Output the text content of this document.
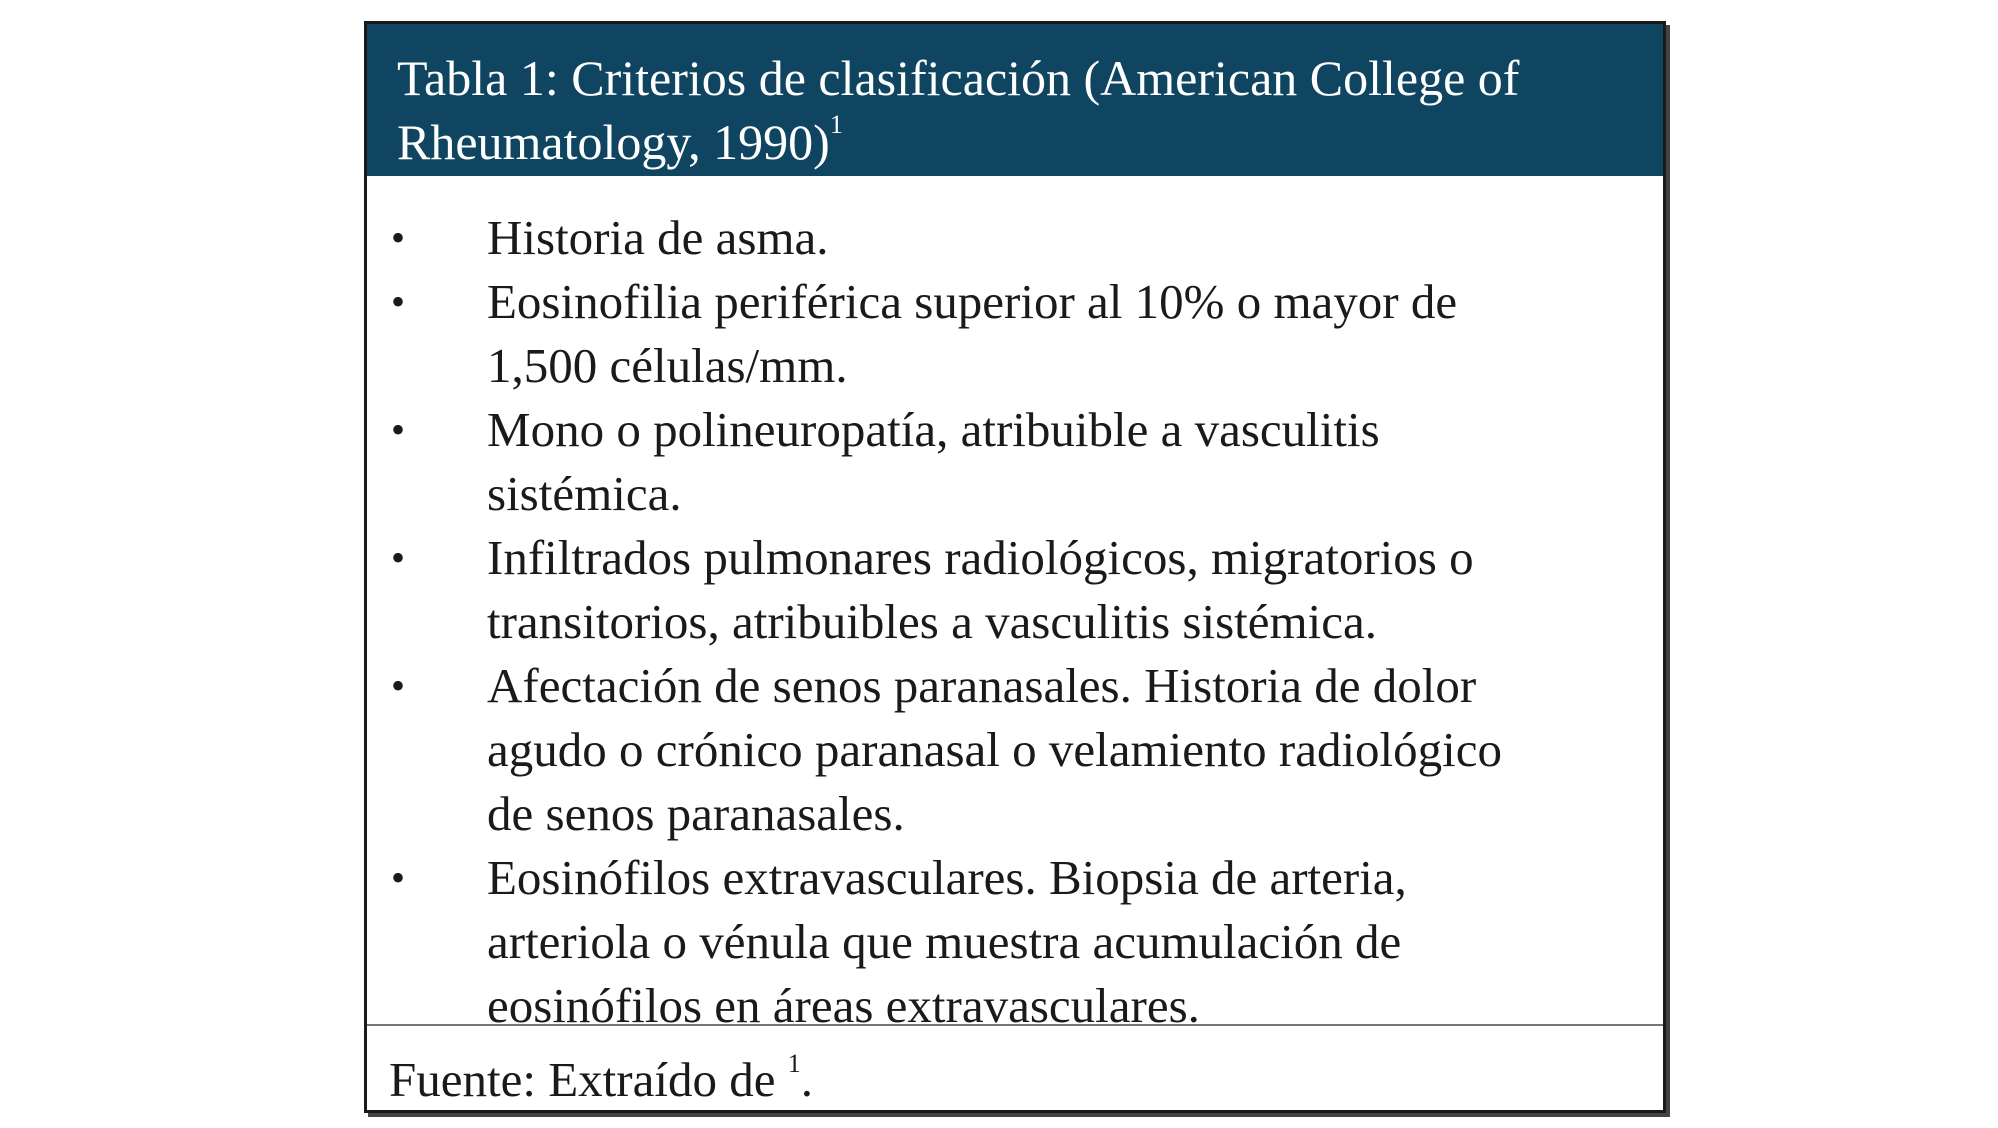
Tabla 1: Criterios de clasificación (American College of Rheumatology, 1990)$^1$
•	Historia de asma.
•	Eosinofilia periférica superior al 10% o mayor de
1,500 células/mm.
•	Mono o polineuropatía, atribuible a vasculitis
sistémica.
•	Infiltrados pulmonares radiológicos, migratorios o
transitorios, atribuibles a vasculitis sistémica.
•	Afectación de senos paranasales. Historia de dolor
agudo o crónico paranasal o velamiento radiológico
de senos paranasales.
•	Eosinófilos extravasculares. Biopsia de arteria,
arteriola o vénula que muestra acumulación de
eosinófilos en áreas extravasculares.
Fuente: Extraído de $^1$.
